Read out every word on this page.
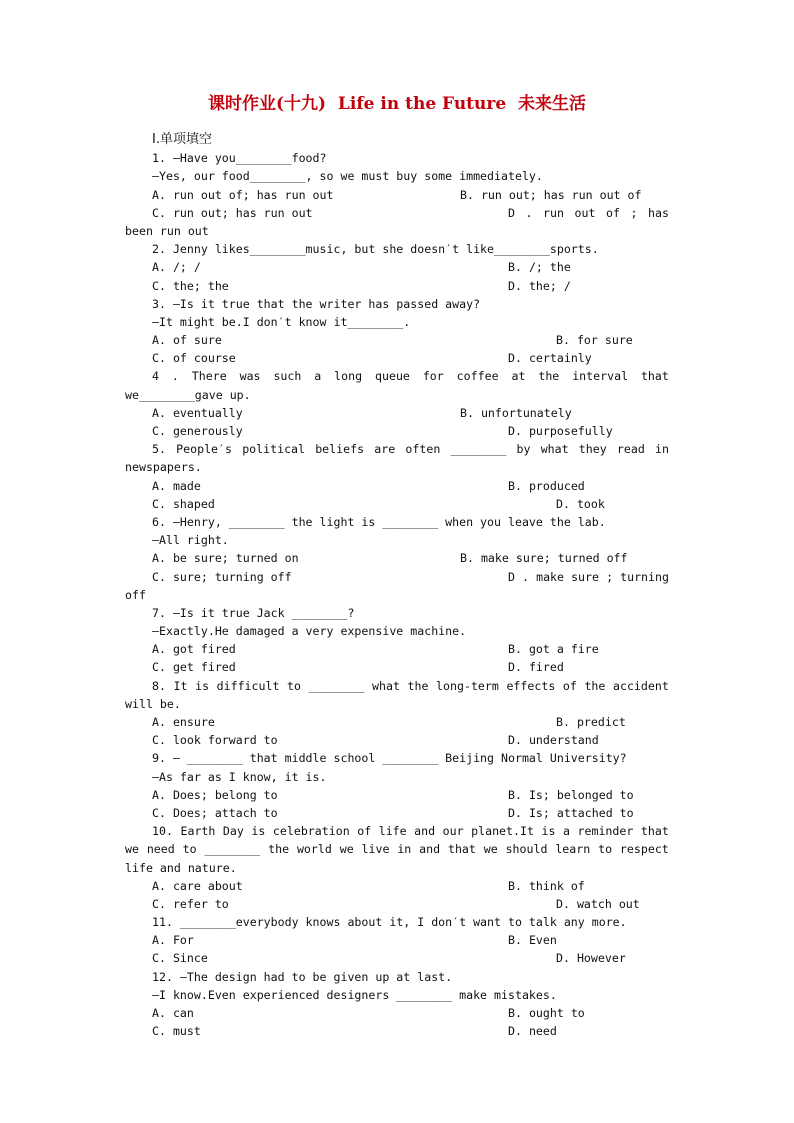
课时作业(十九)  Life in the Future  未来生活

Ⅰ.单项填空

1. —Have you________food?
—Yes, our food________, so we must buy some immediately.
A. run out of; has run out	B. run out; has run out of
C. run out; has run out	D . run out of ; has
been run out
2. Jenny likes________music, but she doesn′t like________sports.
A. /; /	B. /; the
C. the; the	D. the; /
3. —Is it true that the writer has passed away?
—It might be.I don′t know it________.
A. of sure	B. for sure
C. of course	D. certainly
4 . There was such a long queue for coffee at the interval that
we________gave up.
A. eventually	B. unfortunately
C. generously	D. purposefully
5. People′s political beliefs are often ________ by what they read in
newspapers.
A. made	B. produced
C. shaped	D. took
6. —Henry, ________ the light is ________ when you leave the lab.
—All right.
A. be sure; turned on	B. make sure; turned off
C. sure; turning off	D . make sure ; turning
off
7. —Is it true Jack ________?
—Exactly.He damaged a very expensive machine.
A. got fired	B. got a fire
C. get fired	D. fired
8. It is difficult to ________ what the long-term effects of the accident
will be.
A. ensure	B. predict
C. look forward to	D. understand
9. — ________ that middle school ________ Beijing Normal University?
—As far as I know, it is.
A. Does; belong to	B. Is; belonged to
C. Does; attach to	D. Is; attached to
10. Earth Day is celebration of life and our planet.It is a reminder that
we need to ________ the world we live in and that we should learn to respect
life and nature.
A. care about	B. think of
C. refer to	D. watch out
11. ________everybody knows about it, I don′t want to talk any more.
A. For	B. Even
C. Since	D. However
12. —The design had to be given up at last.
—I know.Even experienced designers ________ make mistakes.
A. can	B. ought to
C. must	D. need
